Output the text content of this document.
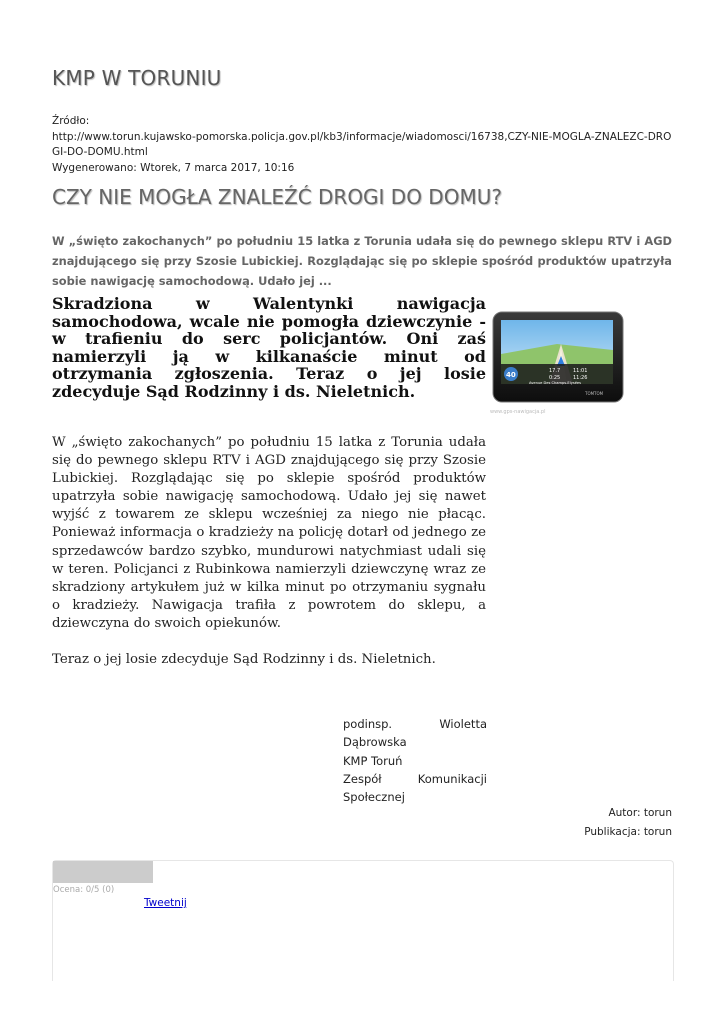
KMP W TORUNIU
Źródło:
http://www.torun.kujawsko-pomorska.policja.gov.pl/kb3/informacje/wiadomosci/16738,CZY-NIE-MOGLA-ZNALEZC-DROGI-DO-DOMU.html
Wygenerowano: Wtorek, 7 marca 2017, 10:16
CZY NIE MOGŁA ZNALEŹĆ DROGI DO DOMU?
W „święto zakochanych” po południu 15 latka z Torunia udała się do pewnego sklepu RTV i AGD znajdującego się przy Szosie Lubickiej. Rozglądając się po sklepie spośród produktów upatrzyła sobie nawigację samochodową. Udało jej ...
Skradziona w Walentynki nawigacja samochodowa, wcale nie pomogła dziewczynie - w trafieniu do serc policjantów. Oni zaś namierzyli ją w kilkanaście minut od otrzymania zgłoszenia. Teraz o jej losie zdecyduje Sąd Rodzinny i ds. Nieletnich.
40	17.7	11:01
0:25	11:26
Avenue Des Champs-Elysées
TOMTOM
www.gps-nawigacja.pl

W „święto zakochanych” po południu 15 latka z Torunia udała się do pewnego sklepu RTV i AGD znajdującego się przy Szosie Lubickiej. Rozglądając się po sklepie spośród produktów upatrzyła sobie nawigację samochodową. Udało jej się nawet wyjść z towarem ze sklepu wcześniej za niego nie płacąc. Ponieważ informacja o kradzieży na policję dotarł od jednego ze sprzedawców bardzo szybko, mundurowi natychmiast udali się w teren. Policjanci z Rubinkowa namierzyli dziewczynę wraz ze skradziony artykułem już w kilka minut po otrzymaniu sygnału o kradzieży. Nawigacja trafiła z powrotem do sklepu, a dziewczyna do swoich opiekunów.

Teraz o jej losie zdecyduje Sąd Rodzinny i ds. Nieletnich.

podinsp. Wioletta
Dąbrowska
KMP Toruń
Zespół Komunikacji
Społecznej
Autor: torun
Publikacja: torun
Ocena: 0/5 (0)
Tweetnij
